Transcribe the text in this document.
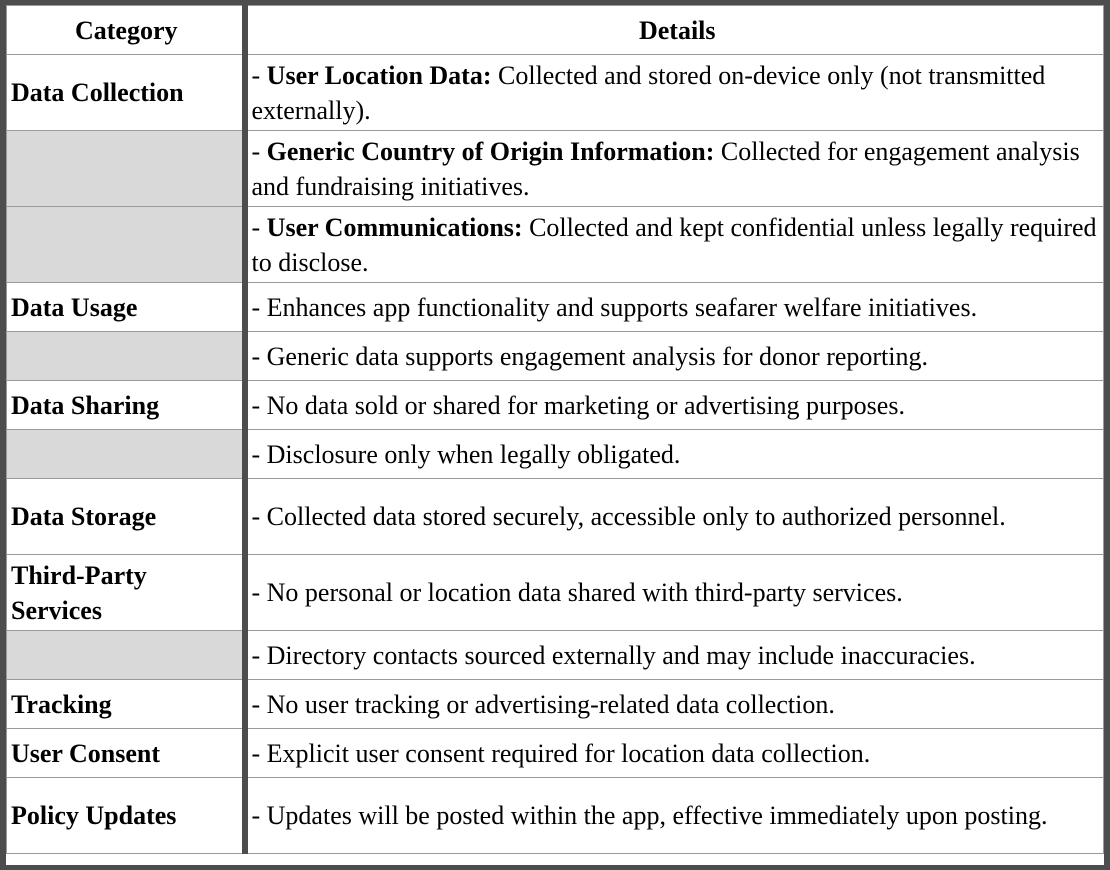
Category	Details
Data Collection	- User Location Data: Collected and stored on-device only (not transmitted externally).
	- Generic Country of Origin Information: Collected for engagement analysis and fundraising initiatives.
	- User Communications: Collected and kept confidential unless legally required to disclose.
Data Usage	- Enhances app functionality and supports seafarer welfare initiatives.
	- Generic data supports engagement analysis for donor reporting.
Data Sharing	- No data sold or shared for marketing or advertising purposes.
	- Disclosure only when legally obligated.
Data Storage	- Collected data stored securely, accessible only to authorized personnel.
Third-Party Services	- No personal or location data shared with third-party services.
	- Directory contacts sourced externally and may include inaccuracies.
Tracking	- No user tracking or advertising-related data collection.
User Consent	- Explicit user consent required for location data collection.
Policy Updates	- Updates will be posted within the app, effective immediately upon posting.
